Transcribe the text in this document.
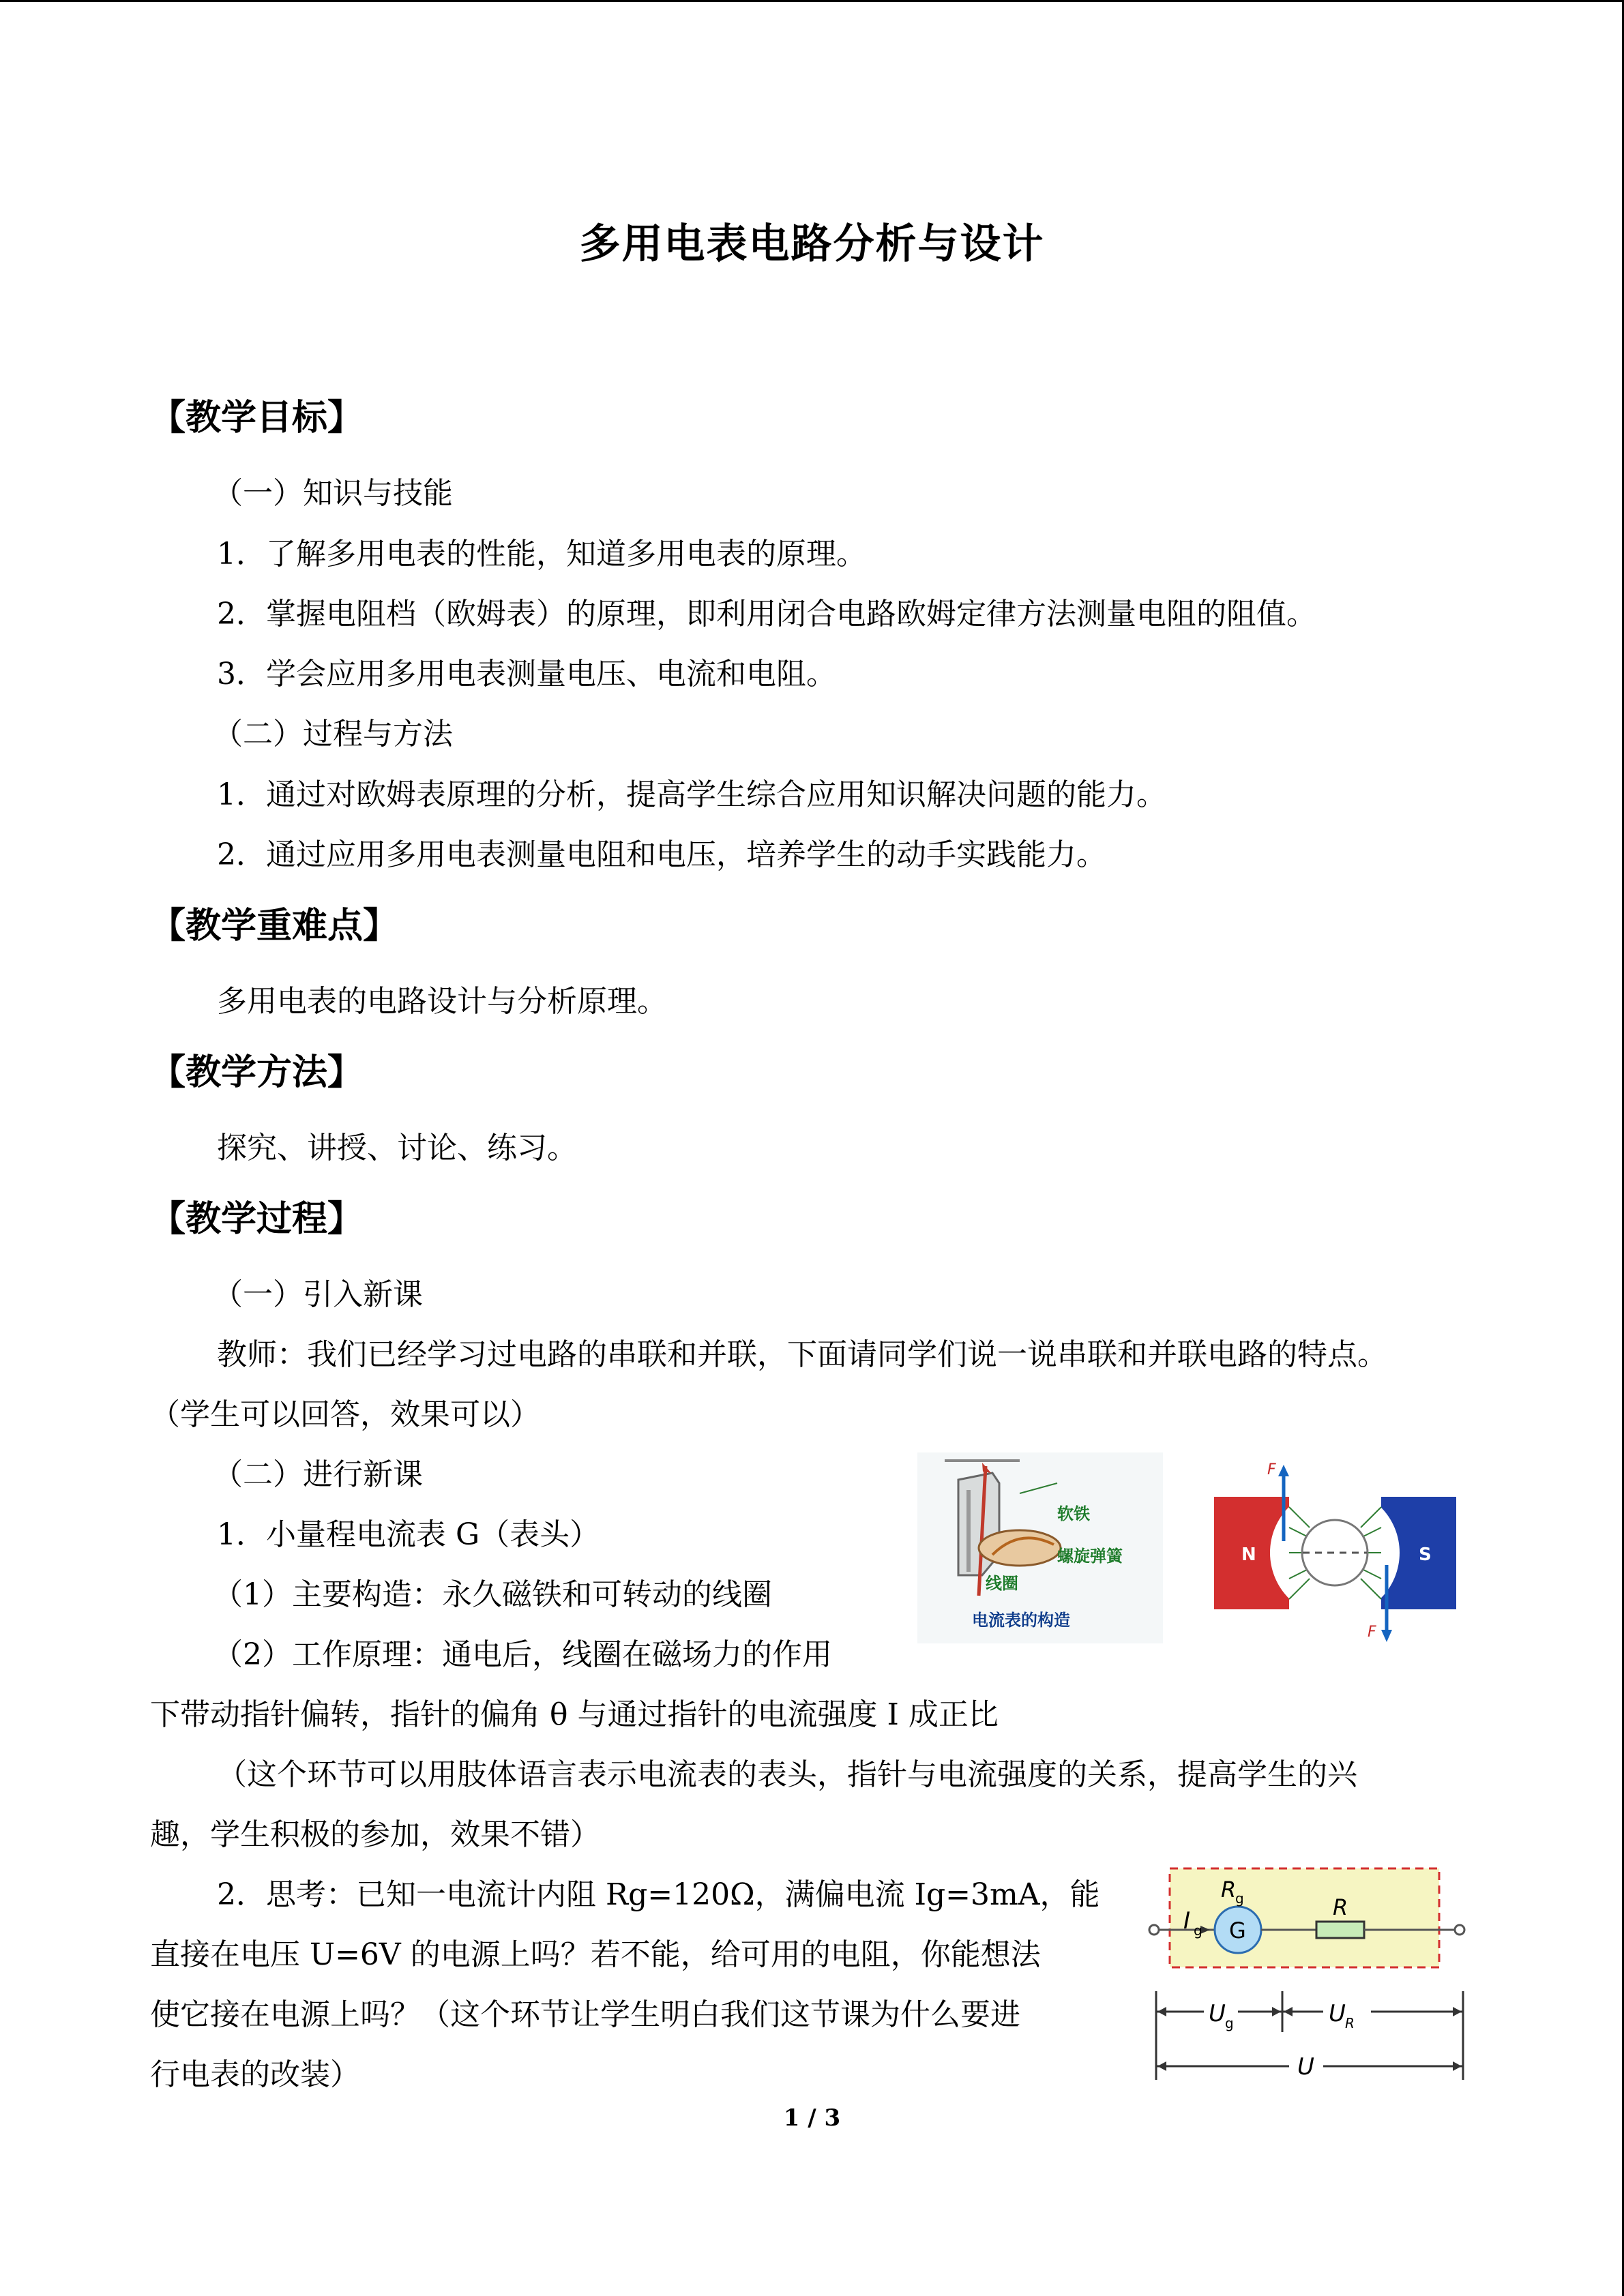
多用电表电路分析与设计
【教学目标】
（一）知识与技能
1．了解多用电表的性能，知道多用电表的原理。
2．掌握电阻档（欧姆表）的原理，即利用闭合电路欧姆定律方法测量电阻的阻值。
3．学会应用多用电表测量电压、电流和电阻。
（二）过程与方法
1．通过对欧姆表原理的分析，提高学生综合应用知识解决问题的能力。
2．通过应用多用电表测量电阻和电压，培养学生的动手实践能力。
【教学重难点】
多用电表的电路设计与分析原理。
【教学方法】
探究、讲授、讨论、练习。
【教学过程】
（一）引入新课
教师：我们已经学习过电路的串联和并联，下面请同学们说一说串联和并联电路的特点。
（学生可以回答，效果可以）
（二）进行新课
1．小量程电流表 G（表头）
（1）主要构造：永久磁铁和可转动的线圈
（2）工作原理：通电后，线圈在磁场力的作用
下带动指针偏转，指针的偏角 θ 与通过指针的电流强度 I 成正比
（这个环节可以用肢体语言表示电流表的表头，指针与电流强度的关系，提高学生的兴
趣，学生积极的参加，效果不错）
2．思考：已知一电流计内阻 Rg=120Ω，满偏电流 Ig=3mA，能
直接在电压 U=6V 的电源上吗？若不能，给可用的电阻，你能想法
使它接在电源上吗？（这个环节让学生明白我们这节课为什么要进
行电表的改装）
软铁
螺旋弹簧
线圈
电流表的构造
N	S
F
F
I g
R
g
G
R
U g	U R
U
1 / 3
